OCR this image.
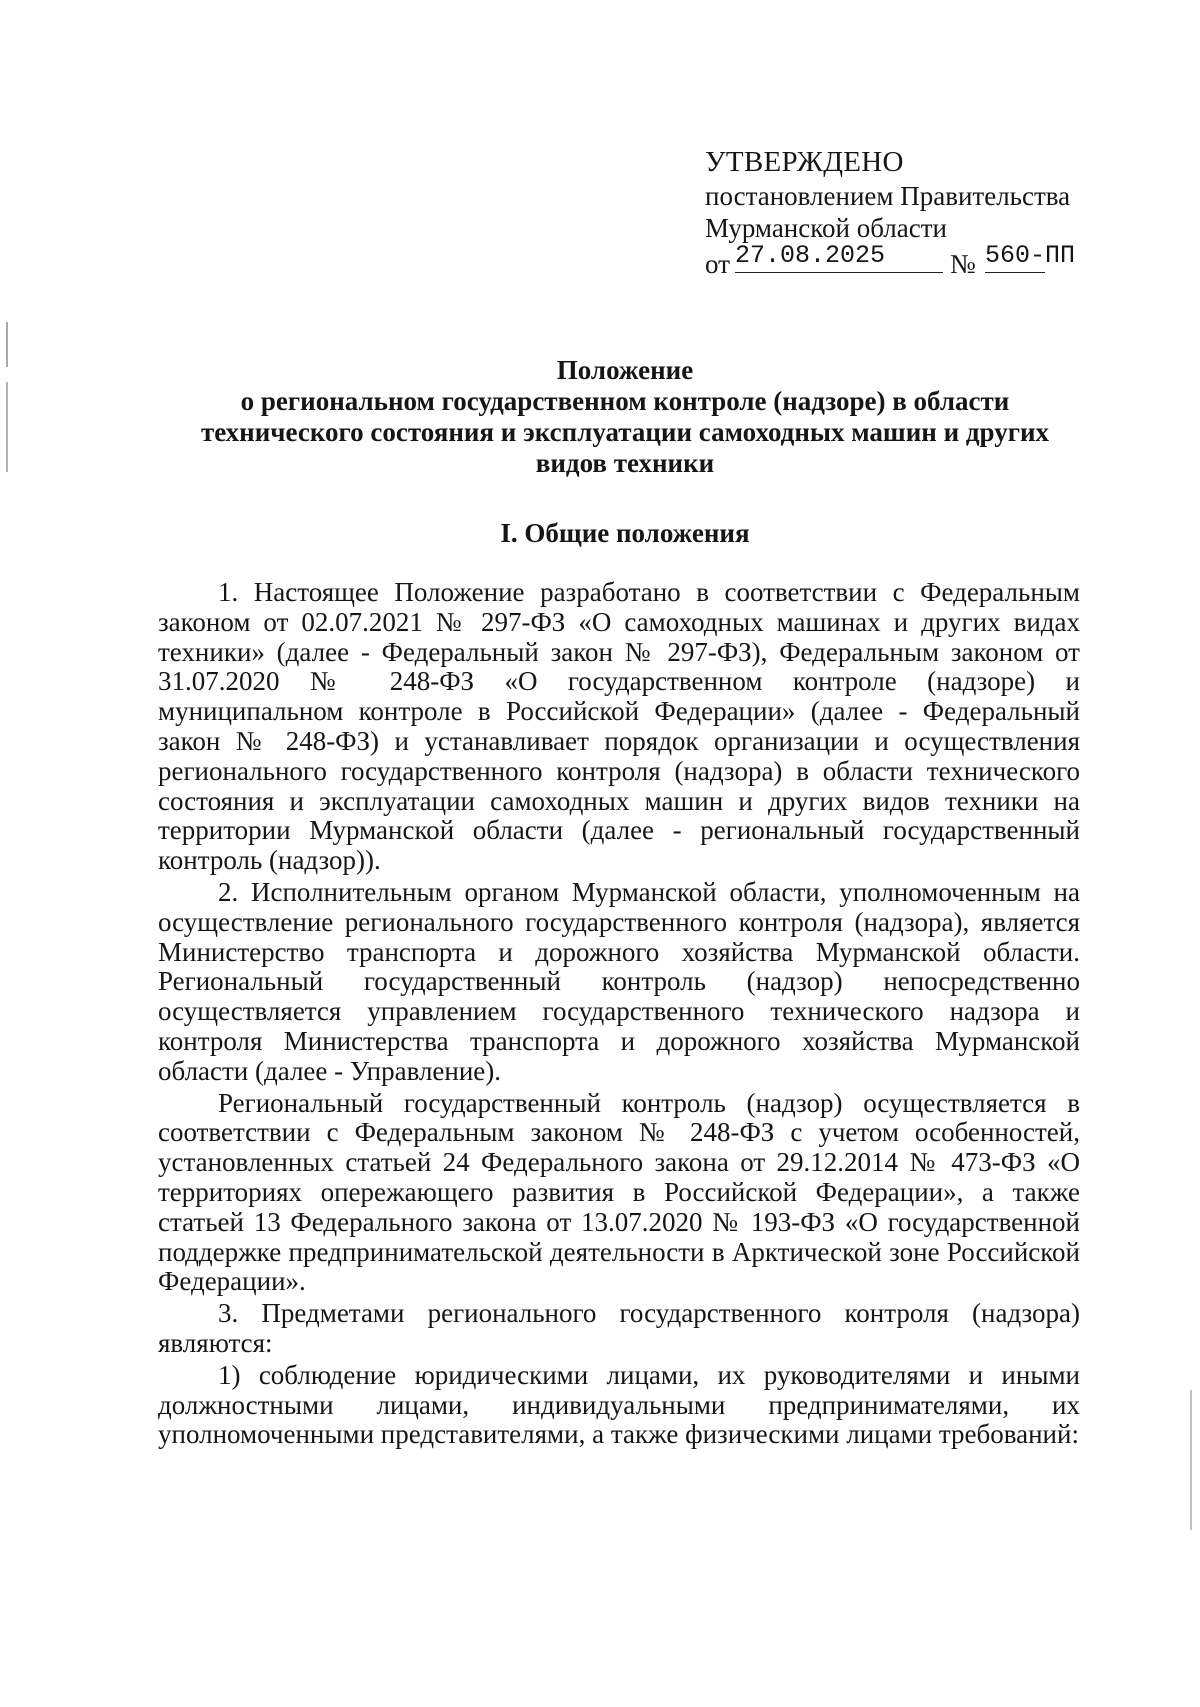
УТВЕРЖДЕНО
постановлением Правительства
Мурманской области
от 27.08.2025	№ 560-ПП
Положение
о региональном государственном контроле (надзоре) в области
технического состояния и эксплуатации самоходных машин и других
видов техники
I. Общие положения

1. Настоящее Положение разработано в соответствии с Федеральным законом от 02.07.2021 № 297-ФЗ «О самоходных машинах и других видах техники» (далее - Федеральный закон № 297-ФЗ), Федеральным законом от 31.07.2020 № 248-ФЗ «О государственном контроле (надзоре) и муниципальном контроле в Российской Федерации» (далее - Федеральный закон № 248-ФЗ) и устанавливает порядок организации и осуществления регионального государственного контроля (надзора) в области технического состояния и эксплуатации самоходных машин и других видов техники на территории Мурманской области (далее - региональный государственный контроль (надзор)).

2. Исполнительным органом Мурманской области, уполномоченным на осуществление регионального государственного контроля (надзора), является Министерство транспорта и дорожного хозяйства Мурманской области. Региональный государственный контроль (надзор) непосредственно осуществляется управлением государственного технического надзора и контроля Министерства транспорта и дорожного хозяйства Мурманской области (далее - Управление).

Региональный государственный контроль (надзор) осуществляется в соответствии с Федеральным законом № 248-ФЗ с учетом особенностей, установленных статьей 24 Федерального закона от 29.12.2014 № 473-ФЗ «О территориях опережающего развития в Российской Федерации», а также статьей 13 Федерального закона от 13.07.2020 № 193-ФЗ «О государственной поддержке предпринимательской деятельности в Арктической зоне Российской Федерации».

3. Предметами регионального государственного контроля (надзора) являются:

1) соблюдение юридическими лицами, их руководителями и иными должностными лицами, индивидуальными предпринимателями, их уполномоченными представителями, а также физическими лицами требований:
